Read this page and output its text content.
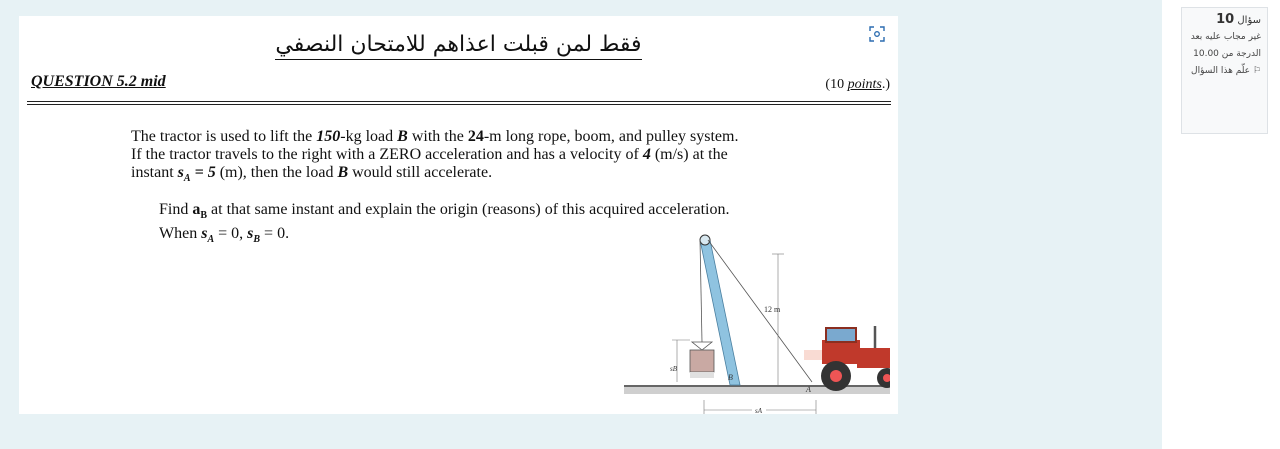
فقط لمن قبلت اعذاهم للامتحان النصفي
QUESTION 5.2 mid	(10 points.)

The tractor is used to lift the 150-kg load B with the 24-m long rope, boom, and pulley system.

If the tractor travels to the right with a ZERO acceleration and has a velocity of 4 (m/s) at the

instant $s_A = 5$ (m), then the load B would still accelerate.

Find $a_B$ at that same instant and explain the origin (reasons) of this acquired acceleration.

When $s_A = 0$, $s_B = 0$.

sB
B
12 m
A
sA
سؤال 10
غير مجاب عليه بعد
الدرجة من 10.00
⚐ علّم هذا السؤال
